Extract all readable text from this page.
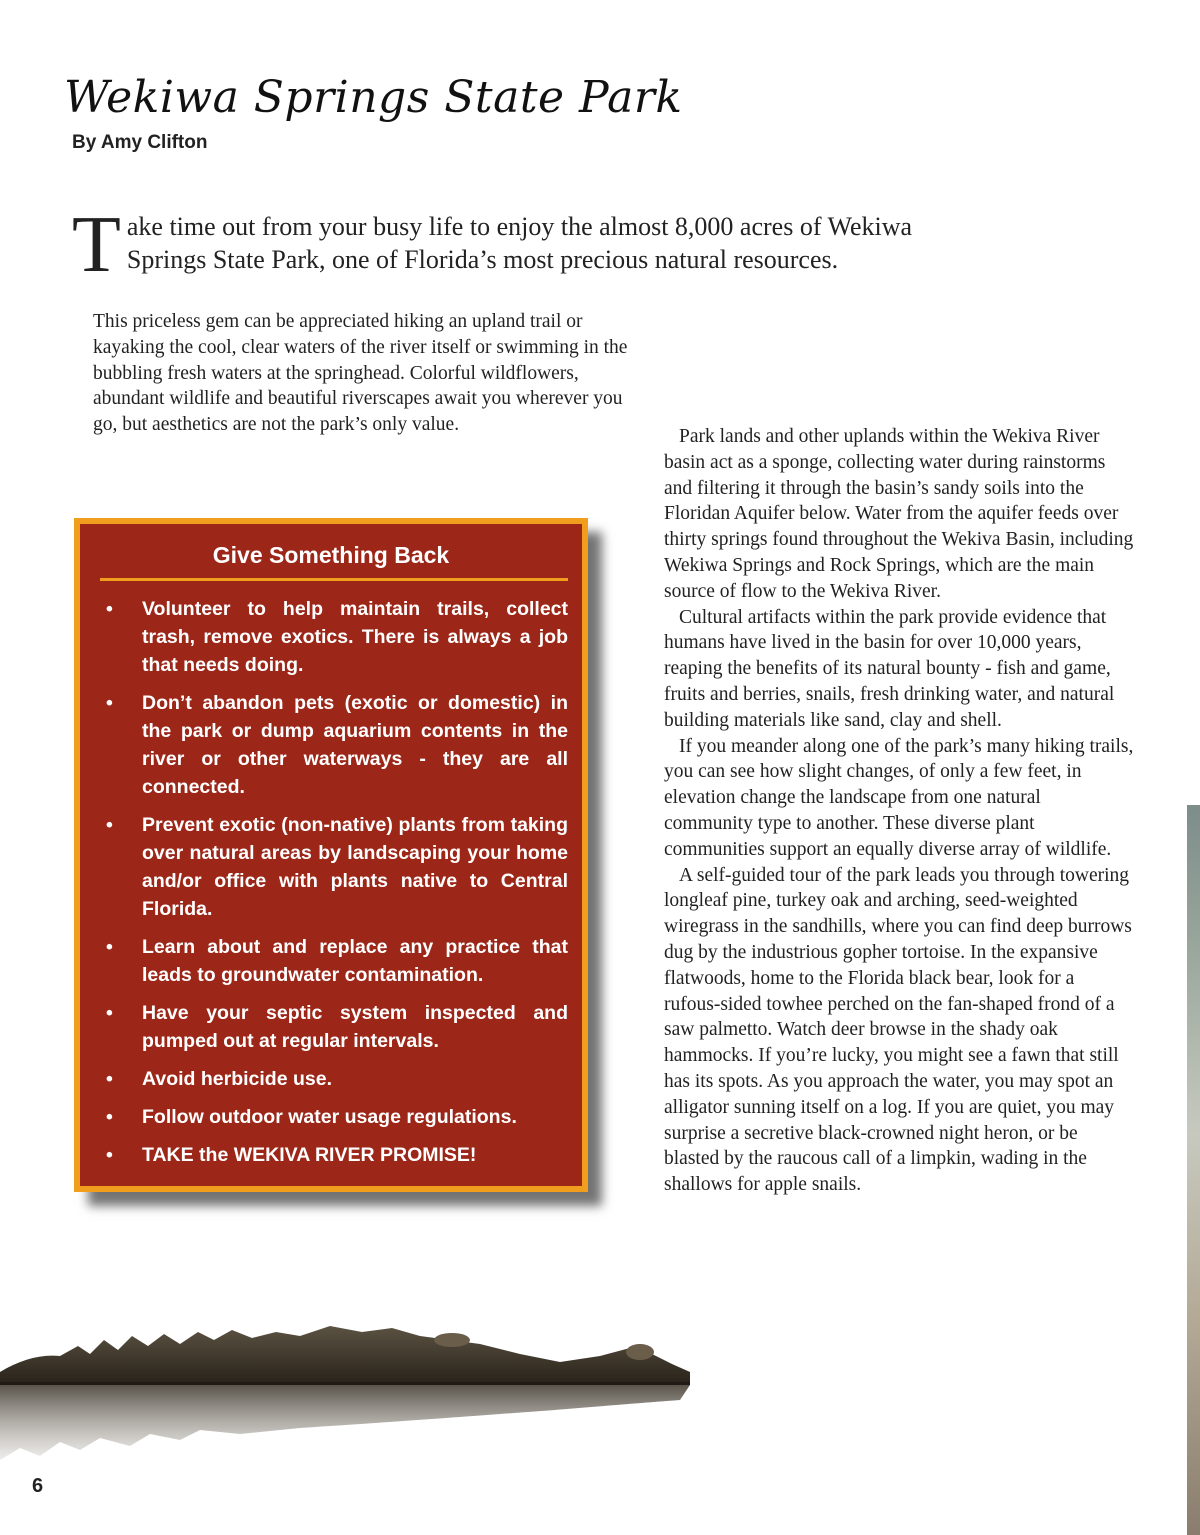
Wekiwa Springs State Park
By Amy Clifton
T ake time out from your busy life to enjoy the almost 8,000 acres of Wekiwa Springs State Park, one of Florida’s most precious natural resources.
This priceless gem can be appreciated hiking an upland trail or kayaking the cool, clear waters of the river itself or swimming in the bubbling fresh waters at the springhead. Colorful wildflowers, abundant wildlife and beautiful riverscapes await you wherever you go, but aesthetics are not the park’s only value.
Give Something Back
• Volunteer to help maintain trails, collect trash, remove exotics. There is always a job that needs doing.
• Don’t abandon pets (exotic or domestic) in the park or dump aquarium contents in the river or other waterways - they are all connected.
• Prevent exotic (non-native) plants from taking over natural areas by landscaping your home and/or office with plants native to Central Florida.
• Learn about and replace any practice that leads to groundwater contamination.
• Have your septic system inspected and pumped out at regular intervals.
• Avoid herbicide use.
• Follow outdoor water usage regulations.
• TAKE the WEKIVA RIVER PROMISE!

Park lands and other uplands within the Wekiva River basin act as a sponge, collecting water during rainstorms and filtering it through the basin’s sandy soils into the Floridan Aquifer below. Water from the aquifer feeds over thirty springs found throughout the Wekiva Basin, including Wekiwa Springs and Rock Springs, which are the main source of flow to the Wekiva River.

Cultural artifacts within the park provide evidence that humans have lived in the basin for over 10,000 years, reaping the benefits of its natural bounty - fish and game, fruits and berries, snails, fresh drinking water, and natural building materials like sand, clay and shell.

If you meander along one of the park’s many hiking trails, you can see how slight changes, of only a few feet, in elevation change the landscape from one natural community type to another. These diverse plant communities support an equally diverse array of wildlife.

A self-guided tour of the park leads you through towering longleaf pine, turkey oak and arching, seed-weighted wiregrass in the sandhills, where you can find deep burrows dug by the industrious gopher tortoise. In the expansive flatwoods, home to the Florida black bear, look for a rufous-sided towhee perched on the fan-shaped frond of a saw palmetto. Watch deer browse in the shady oak hammocks. If you’re lucky, you might see a fawn that still has its spots. As you approach the water, you may spot an alligator sunning itself on a log. If you are quiet, you may surprise a secretive black-crowned night heron, or be blasted by the raucous call of a limpkin, wading in the shallows for apple snails.

6
